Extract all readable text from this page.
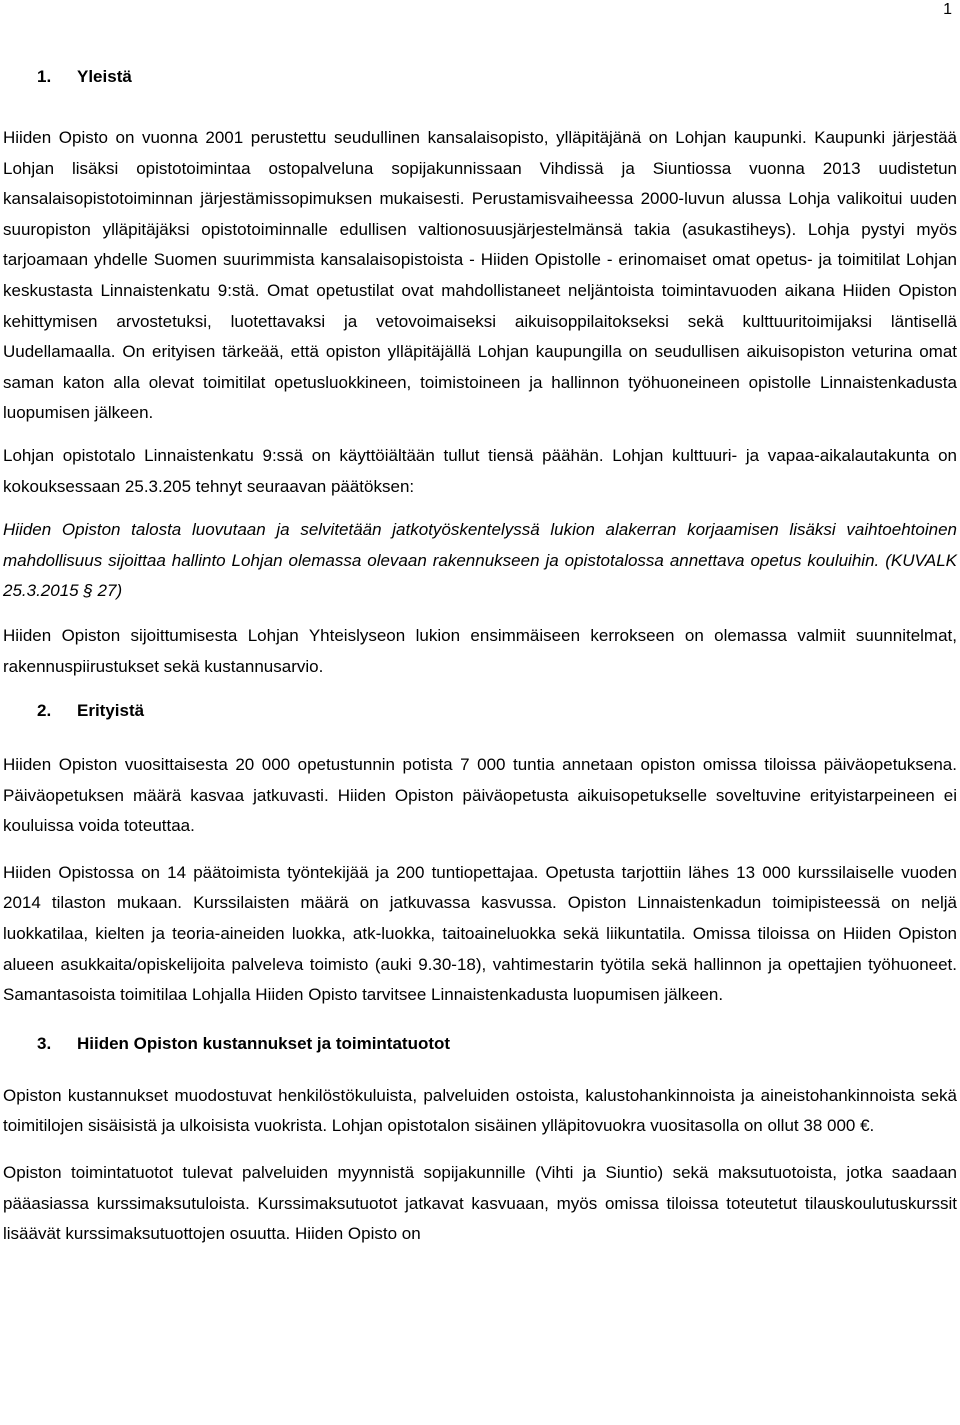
1
1. Yleistä

Hiiden Opisto on vuonna 2001 perustettu seudullinen kansalaisopisto, ylläpitäjänä on Lohjan kaupunki. Kaupunki järjestää Lohjan lisäksi opistotoimintaa ostopalveluna sopijakunnissaan Vihdissä ja Siuntiossa vuonna 2013 uudistetun kansalaisopistotoiminnan järjestämissopimuksen mukaisesti. Perustamisvaiheessa 2000-luvun alussa Lohja valikoitui uuden suuropiston ylläpitäjäksi opistotoiminnalle edullisen valtionosuusjärjestelmänsä takia (asukastiheys). Lohja pystyi myös tarjoamaan yhdelle Suomen suurimmista kansalaisopistoista - Hiiden Opistolle - erinomaiset omat opetus- ja toimitilat Lohjan keskustasta Linnaistenkatu 9:stä. Omat opetustilat ovat mahdollistaneet neljäntoista toimintavuoden aikana Hiiden Opiston kehittymisen arvostetuksi, luotettavaksi ja vetovoimaiseksi aikuisoppilaitokseksi sekä kulttuuritoimijaksi läntisellä Uudellamaalla. On erityisen tärkeää, että opiston ylläpitäjällä Lohjan kaupungilla on seudullisen aikuisopiston veturina omat saman katon alla olevat toimitilat opetusluokkineen, toimistoineen ja hallinnon työhuoneineen opistolle Linnaistenkadusta luopumisen jälkeen.

Lohjan opistotalo Linnaistenkatu 9:ssä on käyttöiältään tullut tiensä päähän. Lohjan kulttuuri- ja vapaa-aikalautakunta on kokouksessaan 25.3.205 tehnyt seuraavan päätöksen:

Hiiden Opiston talosta luovutaan ja selvitetään jatkotyöskentelyssä lukion alakerran korjaamisen lisäksi vaihtoehtoinen mahdollisuus sijoittaa hallinto Lohjan olemassa olevaan rakennukseen ja opistotalossa annettava opetus kouluihin. (KUVALK 25.3.2015 § 27)

Hiiden Opiston sijoittumisesta Lohjan Yhteislyseon lukion ensimmäiseen kerrokseen on olemassa valmiit suunnitelmat, rakennuspiirustukset sekä kustannusarvio.

2. Erityistä

Hiiden Opiston vuosittaisesta 20 000 opetustunnin potista 7 000 tuntia annetaan opiston omissa tiloissa päiväopetuksena. Päiväopetuksen määrä kasvaa jatkuvasti. Hiiden Opiston päiväopetusta aikuisopetukselle soveltuvine erityistarpeineen ei kouluissa voida toteuttaa.

Hiiden Opistossa on 14 päätoimista työntekijää ja 200 tuntiopettajaa. Opetusta tarjottiin lähes 13 000 kurssilaiselle vuoden 2014 tilaston mukaan. Kurssilaisten määrä on jatkuvassa kasvussa. Opiston Linnaistenkadun toimipisteessä on neljä luokkatilaa, kielten ja teoria-aineiden luokka, atk-luokka, taitoaineluokka sekä liikuntatila. Omissa tiloissa on Hiiden Opiston alueen asukkaita/opiskelijoita palveleva toimisto (auki 9.30-18), vahtimestarin työtila sekä hallinnon ja opettajien työhuoneet. Samantasoista toimitilaa Lohjalla Hiiden Opisto tarvitsee Linnaistenkadusta luopumisen jälkeen.

3. Hiiden Opiston kustannukset ja toimintatuotot

Opiston kustannukset muodostuvat henkilöstökuluista, palveluiden ostoista, kalustohankinnoista ja aineistohankinnoista sekä toimitilojen sisäisistä ja ulkoisista vuokrista. Lohjan opistotalon sisäinen ylläpitovuokra vuositasolla on ollut 38 000 €.

Opiston toimintatuotot tulevat palveluiden myynnistä sopijakunnille (Vihti ja Siuntio) sekä maksutuotoista, jotka saadaan pääasiassa kurssimaksutuloista. Kurssimaksutuotot jatkavat kasvuaan, myös omissa tiloissa toteutetut tilauskoulutuskurssit lisäävät kurssimaksutuottojen osuutta. Hiiden Opisto on
